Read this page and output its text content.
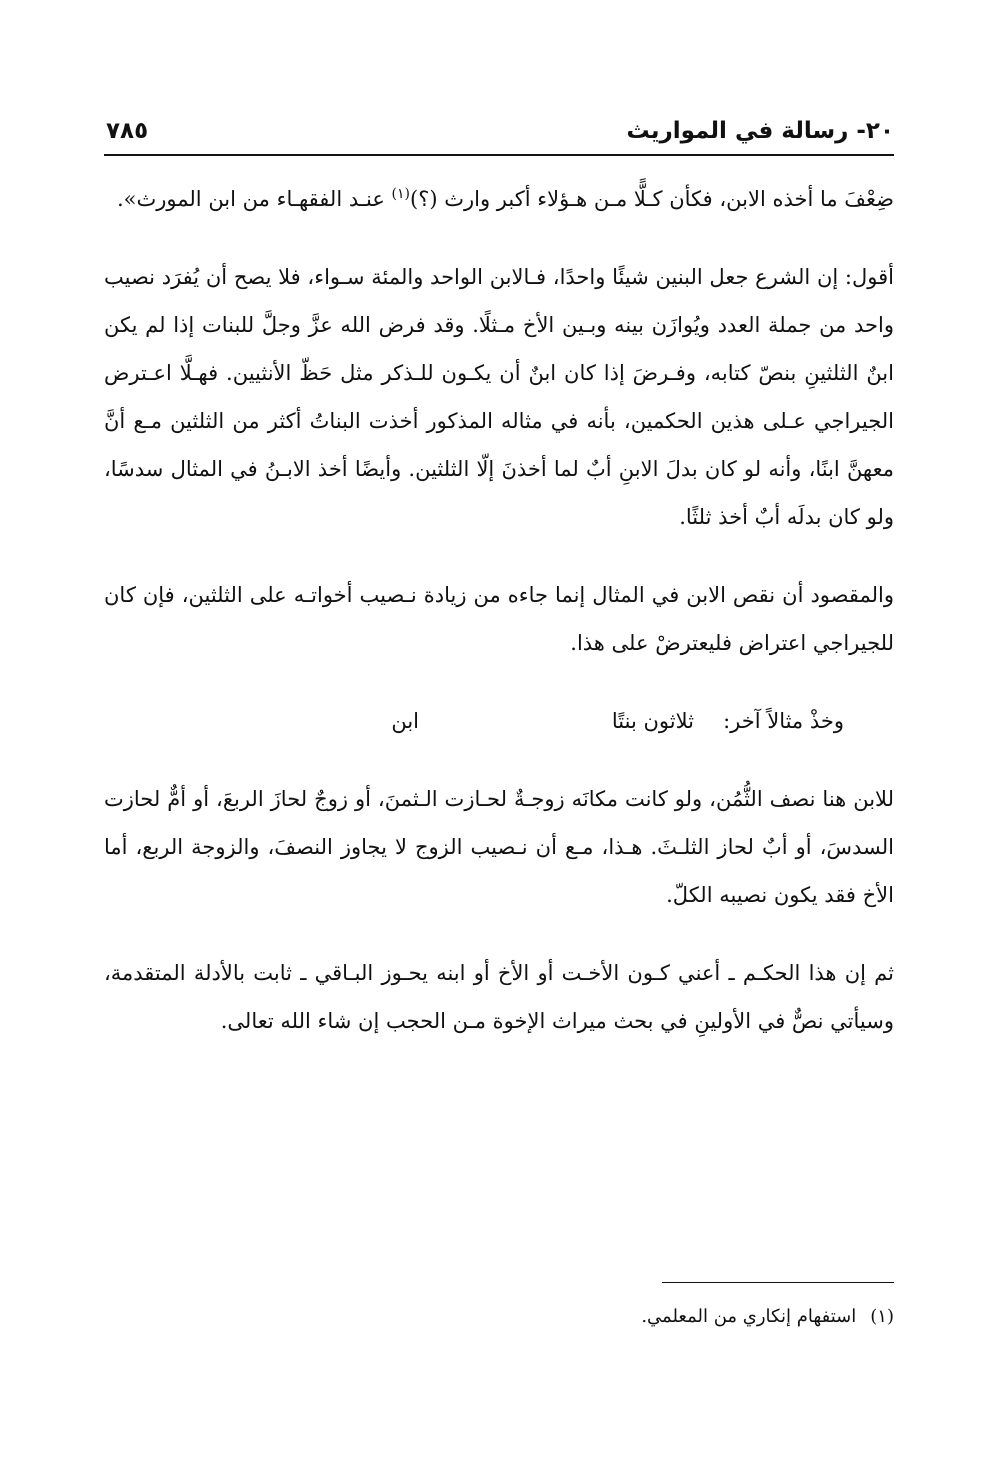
٢٠- رسالة في المواريث
٧٨٥

ضِعْفَ ما أخذه الابن، فكأن كـلًّا مـن هـؤلاء أكبر وارث (؟)$^{(١)}$ عنـد الفقهـاء من ابن المورث».

أقول: إن الشرع جعل البنين شيئًا واحدًا، فـالابن الواحد والمئة سـواء، فلا يصح أن يُفرَد نصيب واحد من جملة العدد ويُوازَن بينه وبـين الأخ مـثلًا. وقد فرض الله عزَّ وجلَّ للبنات إذا لم يكن ابنٌ الثلثينِ بنصّ كتابه، وفـرضَ إذا كان ابنٌ أن يكـون للـذكر مثل حَظّ الأنثيين. فهـلَّا اعـترض الجيراجي عـلى هذين الحكمين، بأنه في مثاله المذكور أخذت البناتُ أكثر من الثلثين مـع أنَّ معهنَّ ابنًا، وأنه لو كان بدلَ الابنِ أبٌ لما أخذنَ إلّا الثلثين. وأيضًا أخذ الابـنُ في المثال سدسًا، ولو كان بدلَه أبٌ أخذ ثلثًا.

والمقصود أن نقص الابن في المثال إنما جاءه من زيادة نـصيب أخواتـه على الثلثين، فإن كان للجيراجي اعتراض فليعترضْ على هذا.

وخذْ مثالاً آخر:
ثلاثون بنتًا
ابن

للابن هنا نصف الثُّمُن، ولو كانت مكانَه زوجـةٌ لحـازت الـثمنَ، أو زوجٌ لحازَ الربعَ، أو أمٌّ لحازت السدسَ، أو أبٌ لحاز الثلـثَ. هـذا، مـع أن نـصيب الزوج لا يجاوز النصفَ، والزوجة الربع، أما الأخ فقد يكون نصيبه الكلّ.

ثم إن هذا الحكـم ـ أعني كـون الأخـت أو الأخ أو ابنه يحـوز البـاقي ـ ثابت بالأدلة المتقدمة، وسيأتي نصٌّ في الأولينِ في بحث ميراث الإخوة مـن الحجب إن شاء الله تعالى.

(١)استفهام إنكاري من المعلمي.
